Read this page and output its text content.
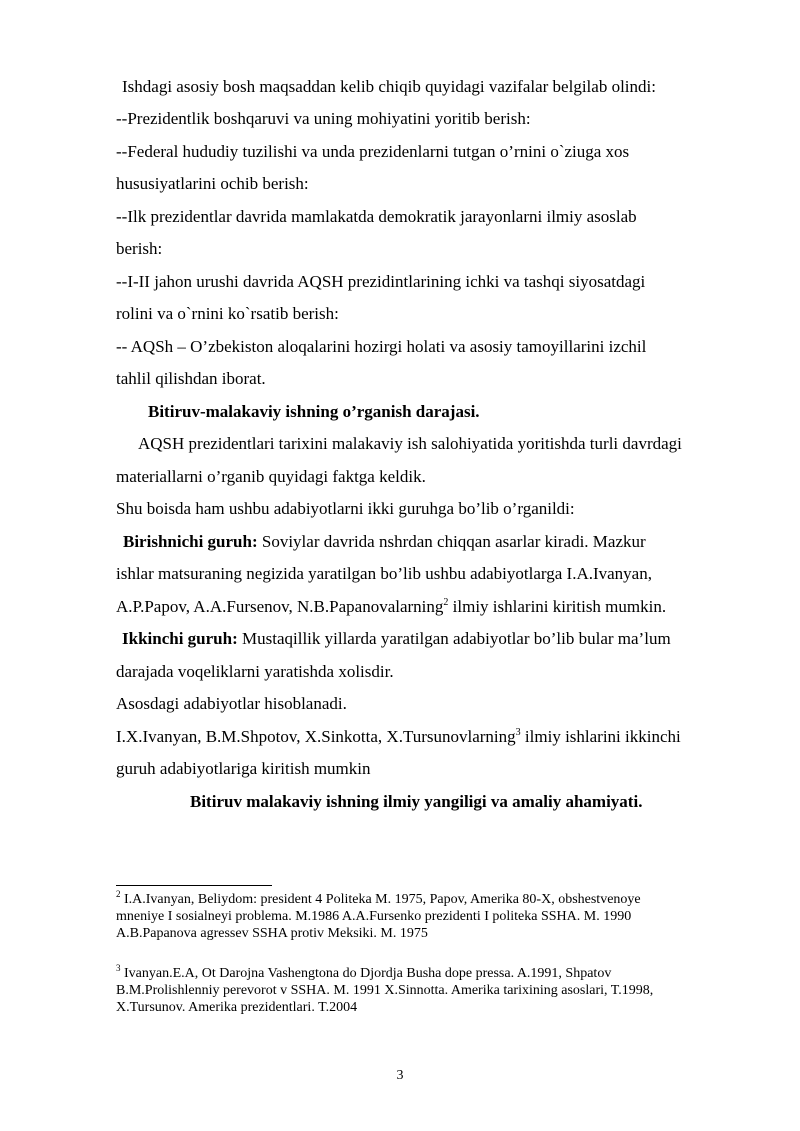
Ishdagi asosiy bosh maqsaddan kelib chiqib quyidagi vazifalar belgilab olindi:
--Prezidentlik boshqaruvi va uning mohiyatini yoritib berish:
--Federal hududiy tuzilishi va unda prezidenlarni tutgan o’rnini o`ziuga xos
hususiyatlarini ochib berish:
--Ilk prezidentlar davrida mamlakatda demokratik jarayonlarni ilmiy asoslab
berish:
--I-II jahon urushi davrida AQSH prezidintlarining ichki va tashqi siyosatdagi
rolini va o`rnini ko`rsatib berish:
-- AQSh – O’zbekiston aloqalarini hozirgi holati va asosiy tamoyillarini izchil
tahlil qilishdan iborat.
Bitiruv-malakaviy ishning o’rganish darajasi.
AQSH prezidentlari tarixini malakaviy ish salohiyatida yoritishda turli davrdagi
materiallarni o’rganib quyidagi faktga keldik.
Shu boisda ham ushbu adabiyotlarni ikki guruhga bo’lib o’rganildi:
Birishnichi guruh: Soviylar davrida nshrdan chiqqan asarlar kiradi. Mazkur
ishlar matsuraning negizida yaratilgan bo’lib ushbu adabiyotlarga I.A.Ivanyan,
A.P.Papov, A.A.Fursenov, N.B.Papanovalarning$^2$ ilmiy ishlarini kiritish mumkin.
Ikkinchi guruh: Mustaqillik yillarda yaratilgan adabiyotlar bo’lib bular ma’lum
darajada voqeliklarni yaratishda xolisdir.
Asosdagi adabiyotlar hisoblanadi.
I.X.Ivanyan, B.M.Shpotov, X.Sinkotta, X.Tursunovlarning$^3$ ilmiy ishlarini ikkinchi
guruh adabiyotlariga kiritish mumkin
Bitiruv malakaviy ishning ilmiy yangiligi va amaliy ahamiyati.
$^2$ I.A.Ivanyan, Beliydom: president 4 Politeka M. 1975, Papov, Amerika 80-X, obshestvenoye
mneniye I sosialneyi problema. M.1986 A.A.Fursenko prezidenti I politeka SSHA. M. 1990
A.B.Papanova agressev SSHA protiv Meksiki. M. 1975
$^3$ Ivanyan.E.A, Ot Darojna Vashengtona do Djordja Busha dope pressa. A.1991, Shpatov
B.M.Prolishlenniy perevorot v SSHA. M. 1991 X.Sinnotta. Amerika tarixining asoslari, T.1998,
X.Tursunov. Amerika prezidentlari. T.2004
3
